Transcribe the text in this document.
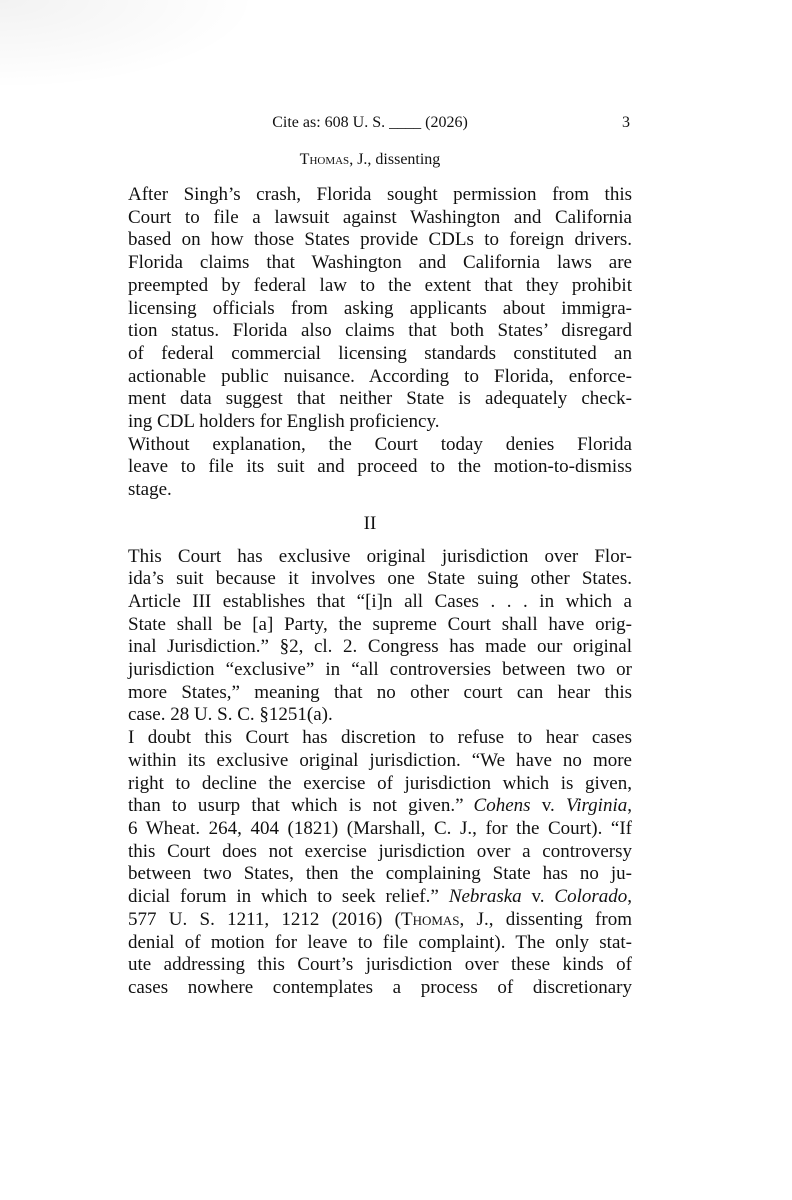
Cite as: 608 U. S. ____ (2026)	3
Thomas, J., dissenting

After Singh’s crash, Florida sought permission from this
Court to file a lawsuit against Washington and California
based on how those States provide CDLs to foreign drivers.
Florida claims that Washington and California laws are
preempted by federal law to the extent that they prohibit
licensing officials from asking applicants about immigra-
tion status. Florida also claims that both States’ disregard
of federal commercial licensing standards constituted an
actionable public nuisance. According to Florida, enforce-
ment data suggest that neither State is adequately check-
ing CDL holders for English proficiency.

Without explanation, the Court today denies Florida
leave to file its suit and proceed to the motion-to-dismiss
stage.

II

This Court has exclusive original jurisdiction over Flor-
ida’s suit because it involves one State suing other States.
Article III establishes that “[i]n all Cases . . . in which a
State shall be [a] Party, the supreme Court shall have orig-
inal Jurisdiction.” §2, cl. 2. Congress has made our original
jurisdiction “exclusive” in “all controversies between two or
more States,” meaning that no other court can hear this
case. 28 U. S. C. §1251(a).

I doubt this Court has discretion to refuse to hear cases
within its exclusive original jurisdiction. “We have no more
right to decline the exercise of jurisdiction which is given,
than to usurp that which is not given.” Cohens v. Virginia,
6 Wheat. 264, 404 (1821) (Marshall, C. J., for the Court). “If
this Court does not exercise jurisdiction over a controversy
between two States, then the complaining State has no ju-
dicial forum in which to seek relief.” Nebraska v. Colorado,
577 U. S. 1211, 1212 (2016) (Thomas, J., dissenting from
denial of motion for leave to file complaint). The only stat-
ute addressing this Court’s jurisdiction over these kinds of
cases nowhere contemplates a process of discretionary
